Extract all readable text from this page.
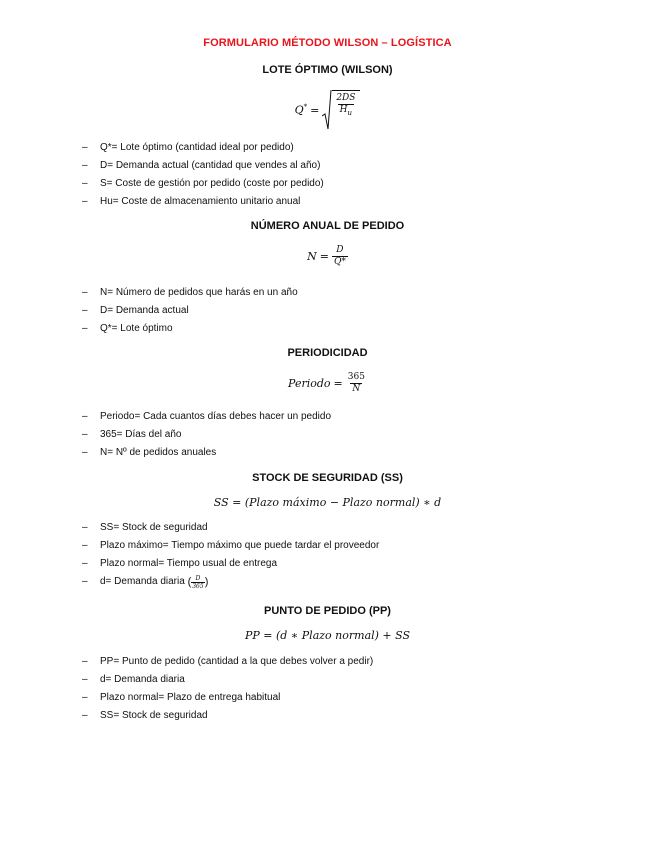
FORMULARIO MÉTODO WILSON – LOGÍSTICA
LOTE ÓPTIMO (WILSON)
$Q^* = \frac{2DS}{H_u}$
–	Q*= Lote óptimo (cantidad ideal por pedido)
–	D= Demanda actual (cantidad que vendes al año)
–	S= Coste de gestión por pedido (coste por pedido)
–	Hu= Coste de almacenamiento unitario anual
NÚMERO ANUAL DE PEDIDO
$N = \frac{D}{Q*}$
–	N= Número de pedidos que harás en un año
–	D= Demanda actual
–	Q*= Lote óptimo
PERIODICIDAD
Periodo = $\frac{365}{N}$
–	Periodo= Cada cuantos días debes hacer un pedido
–	365= Días del año
–	N= Nº de pedidos anuales
STOCK DE SEGURIDAD (SS)
SS = (Plazo máximo − Plazo normal) ∗ d
–	SS= Stock de seguridad
–	Plazo máximo= Tiempo máximo que puede tardar el proveedor
–	Plazo normal= Tiempo usual de entrega
–	d= Demanda diaria
( $\frac{D}{365}$ )
PUNTO DE PEDIDO (PP)
PP = (d ∗ Plazo normal) + SS
–	PP= Punto de pedido (cantidad a la que debes volver a pedir)
–	d= Demanda diaria
–	Plazo normal= Plazo de entrega habitual
–	SS= Stock de seguridad
